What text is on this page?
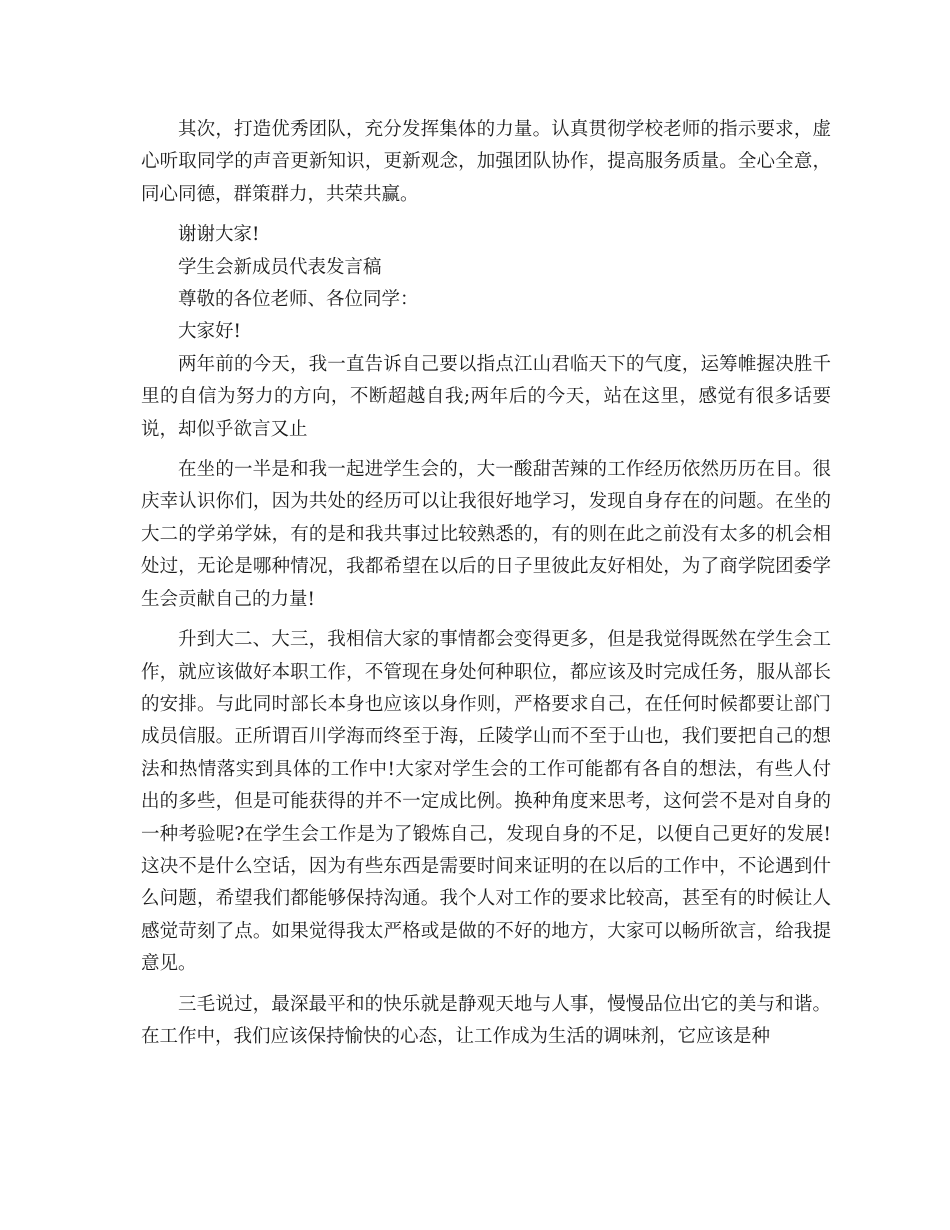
其次，打造优秀团队，充分发挥集体的力量。认真贯彻学校老师的指示要求，虚心听取同学的声音更新知识，更新观念，加强团队协作，提高服务质量。全心全意，同心同德，群策群力，共荣共赢。

谢谢大家!

学生会新成员代表发言稿

尊敬的各位老师、各位同学：

大家好!

两年前的今天，我一直告诉自己要以指点江山君临天下的气度，运筹帷握决胜千里的自信为努力的方向，不断超越自我;两年后的今天，站在这里，感觉有很多话要说，却似乎欲言又止

在坐的一半是和我一起进学生会的，大一酸甜苦辣的工作经历依然历历在目。很庆幸认识你们，因为共处的经历可以让我很好地学习，发现自身存在的问题。在坐的大二的学弟学妹，有的是和我共事过比较熟悉的，有的则在此之前没有太多的机会相处过，无论是哪种情况，我都希望在以后的日子里彼此友好相处，为了商学院团委学生会贡献自己的力量!

升到大二、大三，我相信大家的事情都会变得更多，但是我觉得既然在学生会工作，就应该做好本职工作，不管现在身处何种职位，都应该及时完成任务，服从部长的安排。与此同时部长本身也应该以身作则，严格要求自己，在任何时候都要让部门成员信服。正所谓百川学海而终至于海，丘陵学山而不至于山也，我们要把自己的想法和热情落实到具体的工作中!大家对学生会的工作可能都有各自的想法，有些人付出的多些，但是可能获得的并不一定成比例。换种角度来思考，这何尝不是对自身的一种考验呢?在学生会工作是为了锻炼自己，发现自身的不足，以便自己更好的发展!这决不是什么空话，因为有些东西是需要时间来证明的在以后的工作中，不论遇到什么问题，希望我们都能够保持沟通。我个人对工作的要求比较高，甚至有的时候让人感觉苛刻了点。如果觉得我太严格或是做的不好的地方，大家可以畅所欲言，给我提意见。

三毛说过，最深最平和的快乐就是静观天地与人事，慢慢品位出它的美与和谐。在工作中，我们应该保持愉快的心态，让工作成为生活的调味剂，它应该是种
